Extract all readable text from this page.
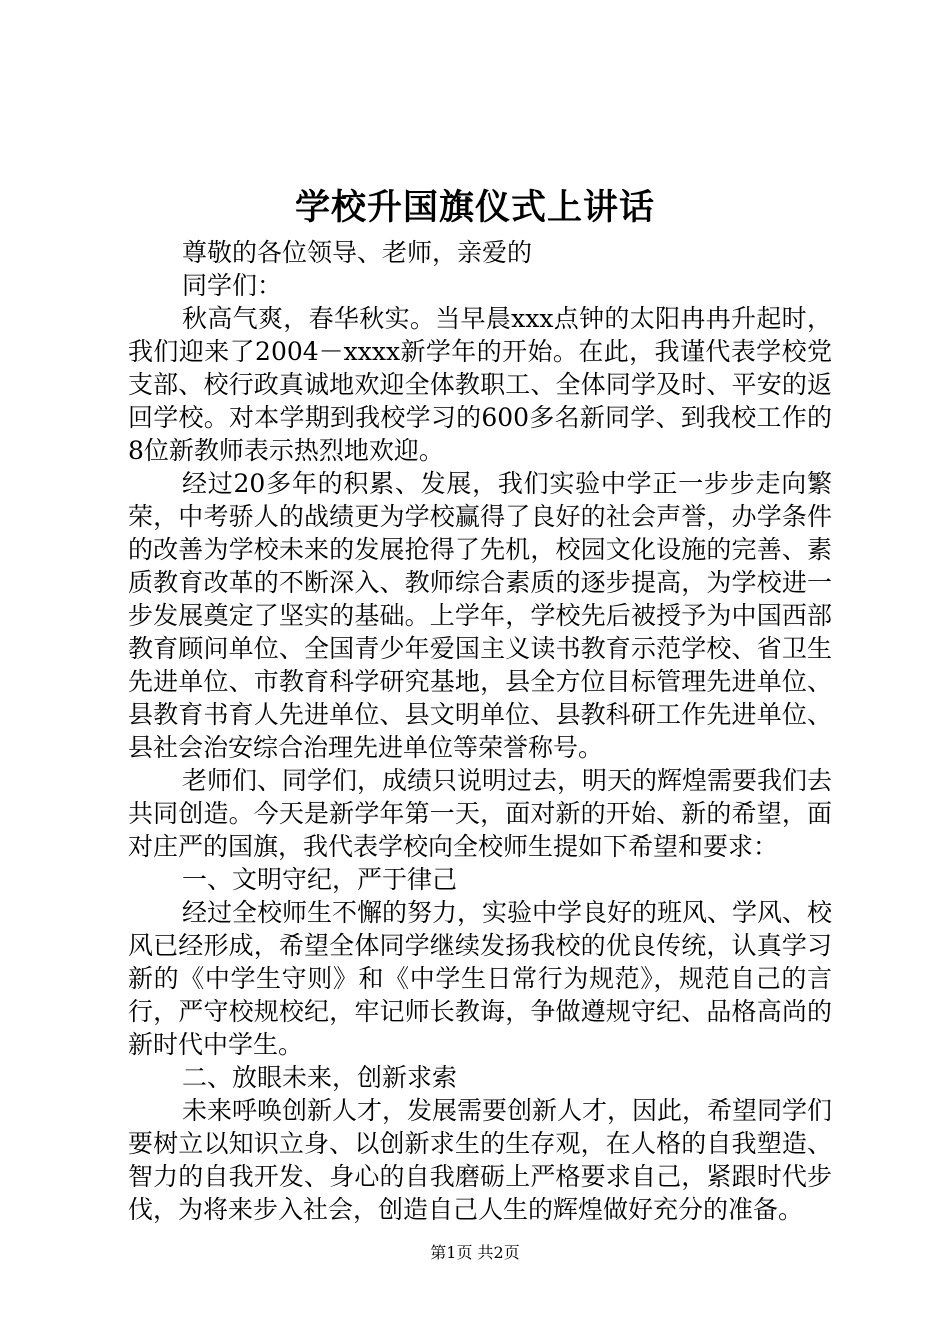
学校升国旗仪式上讲话

尊敬的各位领导、老师，亲爱的

同学们：

秋高气爽，春华秋实。当早晨xxx点钟的太阳冉冉升起时，我们迎来了2004－xxxx新学年的开始。在此，我谨代表学校党支部、校行政真诚地欢迎全体教职工、全体同学及时、平安的返回学校。对本学期到我校学习的600多名新同学、到我校工作的8位新教师表示热烈地欢迎。

经过20多年的积累、发展，我们实验中学正一步步走向繁荣，中考骄人的战绩更为学校赢得了良好的社会声誉，办学条件的改善为学校未来的发展抢得了先机，校园文化设施的完善、素质教育改革的不断深入、教师综合素质的逐步提高，为学校进一步发展奠定了坚实的基础。上学年，学校先后被授予为中国西部教育顾问单位、全国青少年爱国主义读书教育示范学校、省卫生先进单位、市教育科学研究基地，县全方位目标管理先进单位、县教育书育人先进单位、县文明单位、县教科研工作先进单位、县社会治安综合治理先进单位等荣誉称号。

老师们、同学们，成绩只说明过去，明天的辉煌需要我们去共同创造。今天是新学年第一天，面对新的开始、新的希望，面对庄严的国旗，我代表学校向全校师生提如下希望和要求：

一、文明守纪，严于律己

经过全校师生不懈的努力，实验中学良好的班风、学风、校风已经形成，希望全体同学继续发扬我校的优良传统，认真学习新的《中学生守则》和《中学生日常行为规范》，规范自己的言行，严守校规校纪，牢记师长教诲，争做遵规守纪、品格高尚的新时代中学生。

二、放眼未来，创新求索

未来呼唤创新人才，发展需要创新人才，因此，希望同学们要树立以知识立身、以创新求生的生存观，在人格的自我塑造、智力的自我开发、身心的自我磨砺上严格要求自己，紧跟时代步伐，为将来步入社会，创造自己人生的辉煌做好充分的准备。

第1页 共2页
